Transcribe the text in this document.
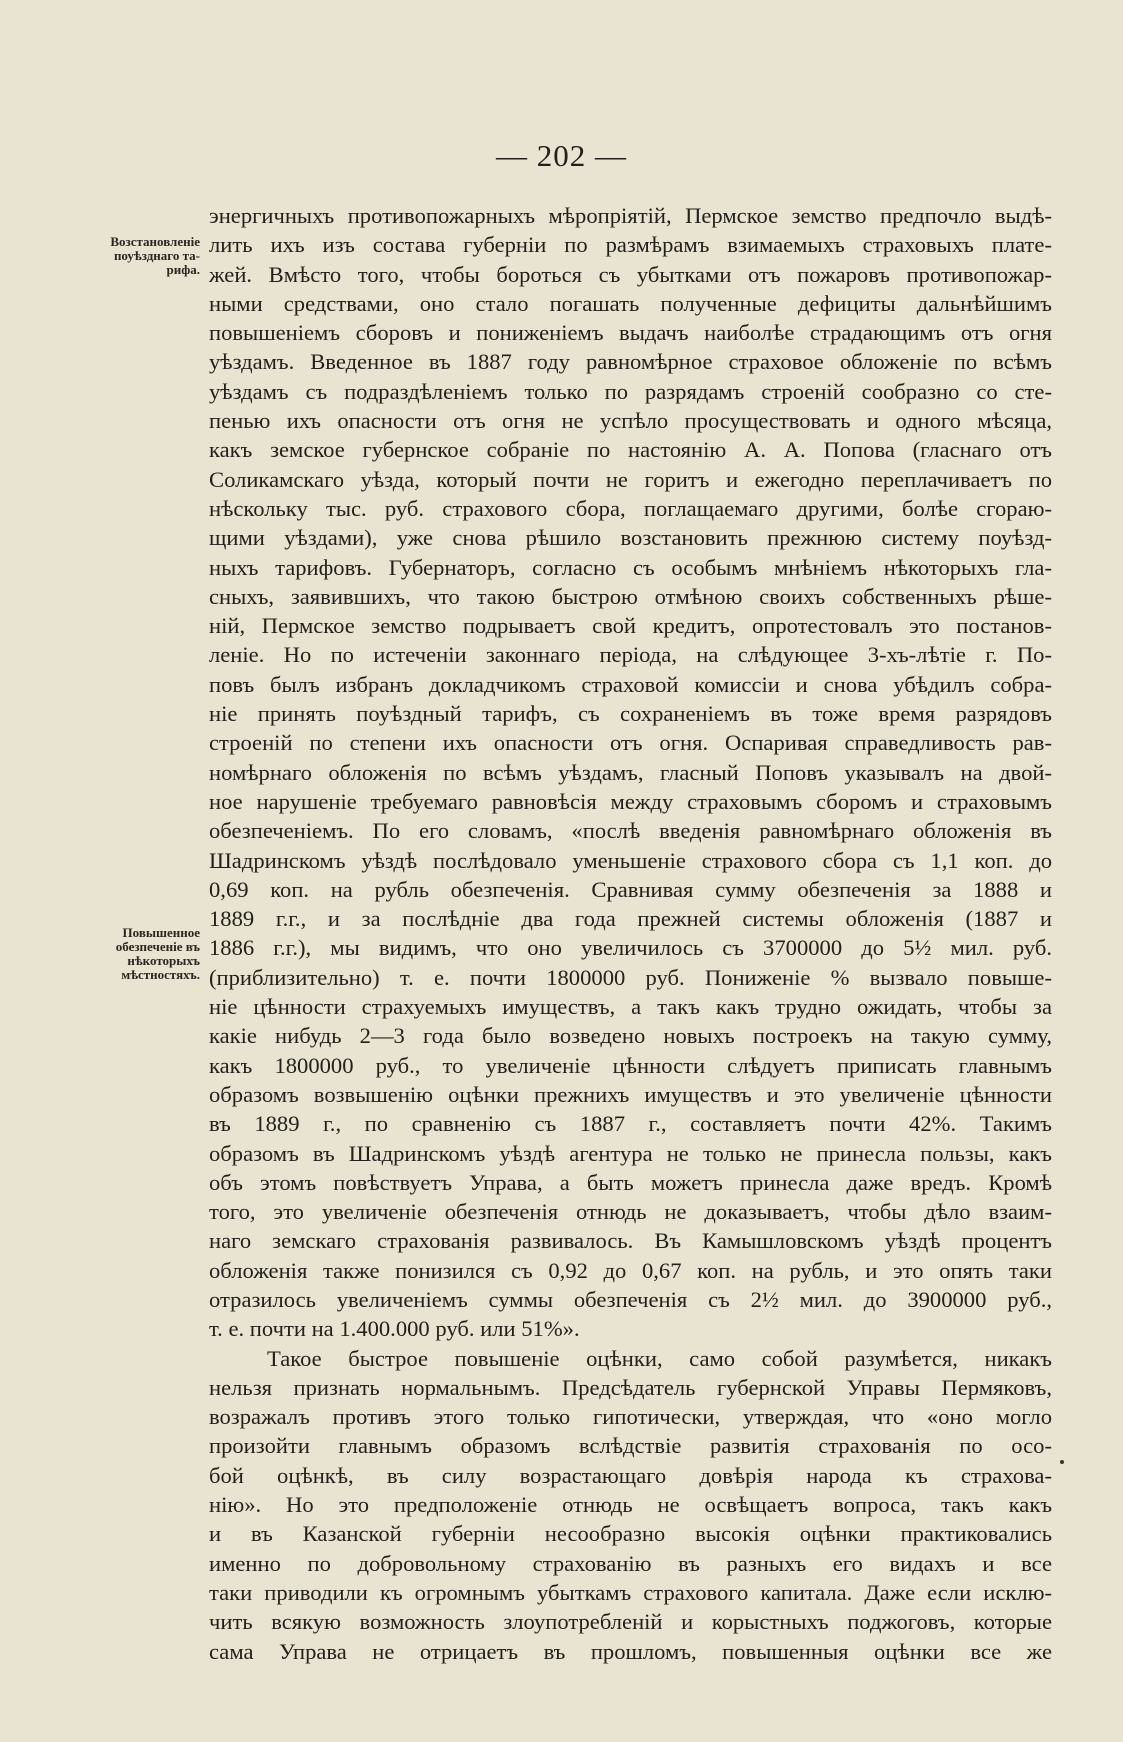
— 202 —
Возстановленіе
поуѣзднаго та-
рифа.
Повышенное
обезпеченіе въ
нѣкоторыхъ
мѣстностяхъ.
энергичныхъ противопожарныхъ мѣропріятій, Пермское земство предпочло выдѣ-
лить ихъ изъ состава губерніи по размѣрамъ взимаемыхъ страховыхъ плате-
жей. Вмѣсто того, чтобы бороться съ убытками отъ пожаровъ противопожар-
ными средствами, оно стало погашать полученные дефициты дальнѣйшимъ
повышеніемъ сборовъ и пониженіемъ выдачъ наиболѣе страдающимъ отъ огня
уѣздамъ. Введенное въ 1887 году равномѣрное страховое обложеніе по всѣмъ
уѣздамъ съ подраздѣленіемъ только по разрядамъ строеній сообразно со сте-
пенью ихъ опасности отъ огня не успѣло просуществовать и одного мѣсяца,
какъ земское губернское собраніе по настоянію А. А. Попова (гласнаго отъ
Соликамскаго уѣзда, который почти не горитъ и ежегодно переплачиваетъ по
нѣскольку тыс. руб. страхового сбора, поглащаемаго другими, болѣе сгораю-
щими уѣздами), уже снова рѣшило возстановить прежнюю систему поуѣзд-
ныхъ тарифовъ. Губернаторъ, согласно съ особымъ мнѣніемъ нѣкоторыхъ гла-
сныхъ, заявившихъ, что такою быстрою отмѣною своихъ собственныхъ рѣше-
ній, Пермское земство подрываетъ свой кредитъ, опротестовалъ это постанов-
леніе. Но по истеченіи законнаго періода, на слѣдующее 3-хъ-лѣтіе г. По-
повъ былъ избранъ докладчикомъ страховой комиссіи и снова убѣдилъ собра-
ніе принять поуѣздный тарифъ, съ сохраненіемъ въ тоже время разрядовъ
строеній по степени ихъ опасности отъ огня. Оспаривая справедливость рав-
номѣрнаго обложенія по всѣмъ уѣздамъ, гласный Поповъ указывалъ на двой-
ное нарушеніе требуемаго равновѣсія между страховымъ сборомъ и страховымъ
обезпеченіемъ. По его словамъ, «послѣ введенія равномѣрнаго обложенія въ
Шадринскомъ уѣздѣ послѣдовало уменьшеніе страхового сбора съ 1,1 коп. до
0,69 коп. на рубль обезпеченія. Сравнивая сумму обезпеченія за 1888 и
1889 г.г., и за послѣдніе два года прежней системы обложенія (1887 и
1886 г.г.), мы видимъ, что оно увеличилось съ 3700000 до 5½ мил. руб.
(приблизительно) т. е. почти 1800000 руб. Пониженіе % вызвало повыше-
ніе цѣнности страхуемыхъ имуществъ, а такъ какъ трудно ожидать, чтобы за
какіе нибудь 2—3 года было возведено новыхъ построекъ на такую сумму,
какъ 1800000 руб., то увеличеніе цѣнности слѣдуетъ приписать главнымъ
образомъ возвышенію оцѣнки прежнихъ имуществъ и это увеличеніе цѣнности
въ 1889 г., по сравненію съ 1887 г., составляетъ почти 42%. Такимъ
образомъ въ Шадринскомъ уѣздѣ агентура не только не принесла пользы, какъ
объ этомъ повѣствуетъ Управа, а быть можетъ принесла даже вредъ. Кромѣ
того, это увеличеніе обезпеченія отнюдь не доказываетъ, чтобы дѣло взаим-
наго земскаго страхованія развивалось. Въ Камышловскомъ уѣздѣ процентъ
обложенія также понизился съ 0,92 до 0,67 коп. на рубль, и это опять таки
отразилось увеличеніемъ суммы обезпеченія съ 2½ мил. до 3900000 руб.,
т. е. почти на 1.400.000 руб. или 51%».
Такое быстрое повышеніе оцѣнки, само собой разумѣется, никакъ
нельзя признать нормальнымъ. Предсѣдатель губернской Управы Пермяковъ,
возражалъ противъ этого только гипотически, утверждая, что «оно могло
произойти главнымъ образомъ вслѣдствіе развитія страхованія по осо-
бой оцѣнкѣ, въ силу возрастающаго довѣрія народа къ страхова-
нію». Но это предположеніе отнюдь не освѣщаетъ вопроса, такъ какъ
и въ Казанской губерніи несообразно высокія оцѣнки практиковались
именно по добровольному страхованію въ разныхъ его видахъ и все
таки приводили къ огромнымъ убыткамъ страхового капитала. Даже если исклю-
чить всякую возможность злоупотребленій и корыстныхъ поджоговъ, которые
сама Управа не отрицаетъ въ прошломъ, повышенныя оцѣнки все же
